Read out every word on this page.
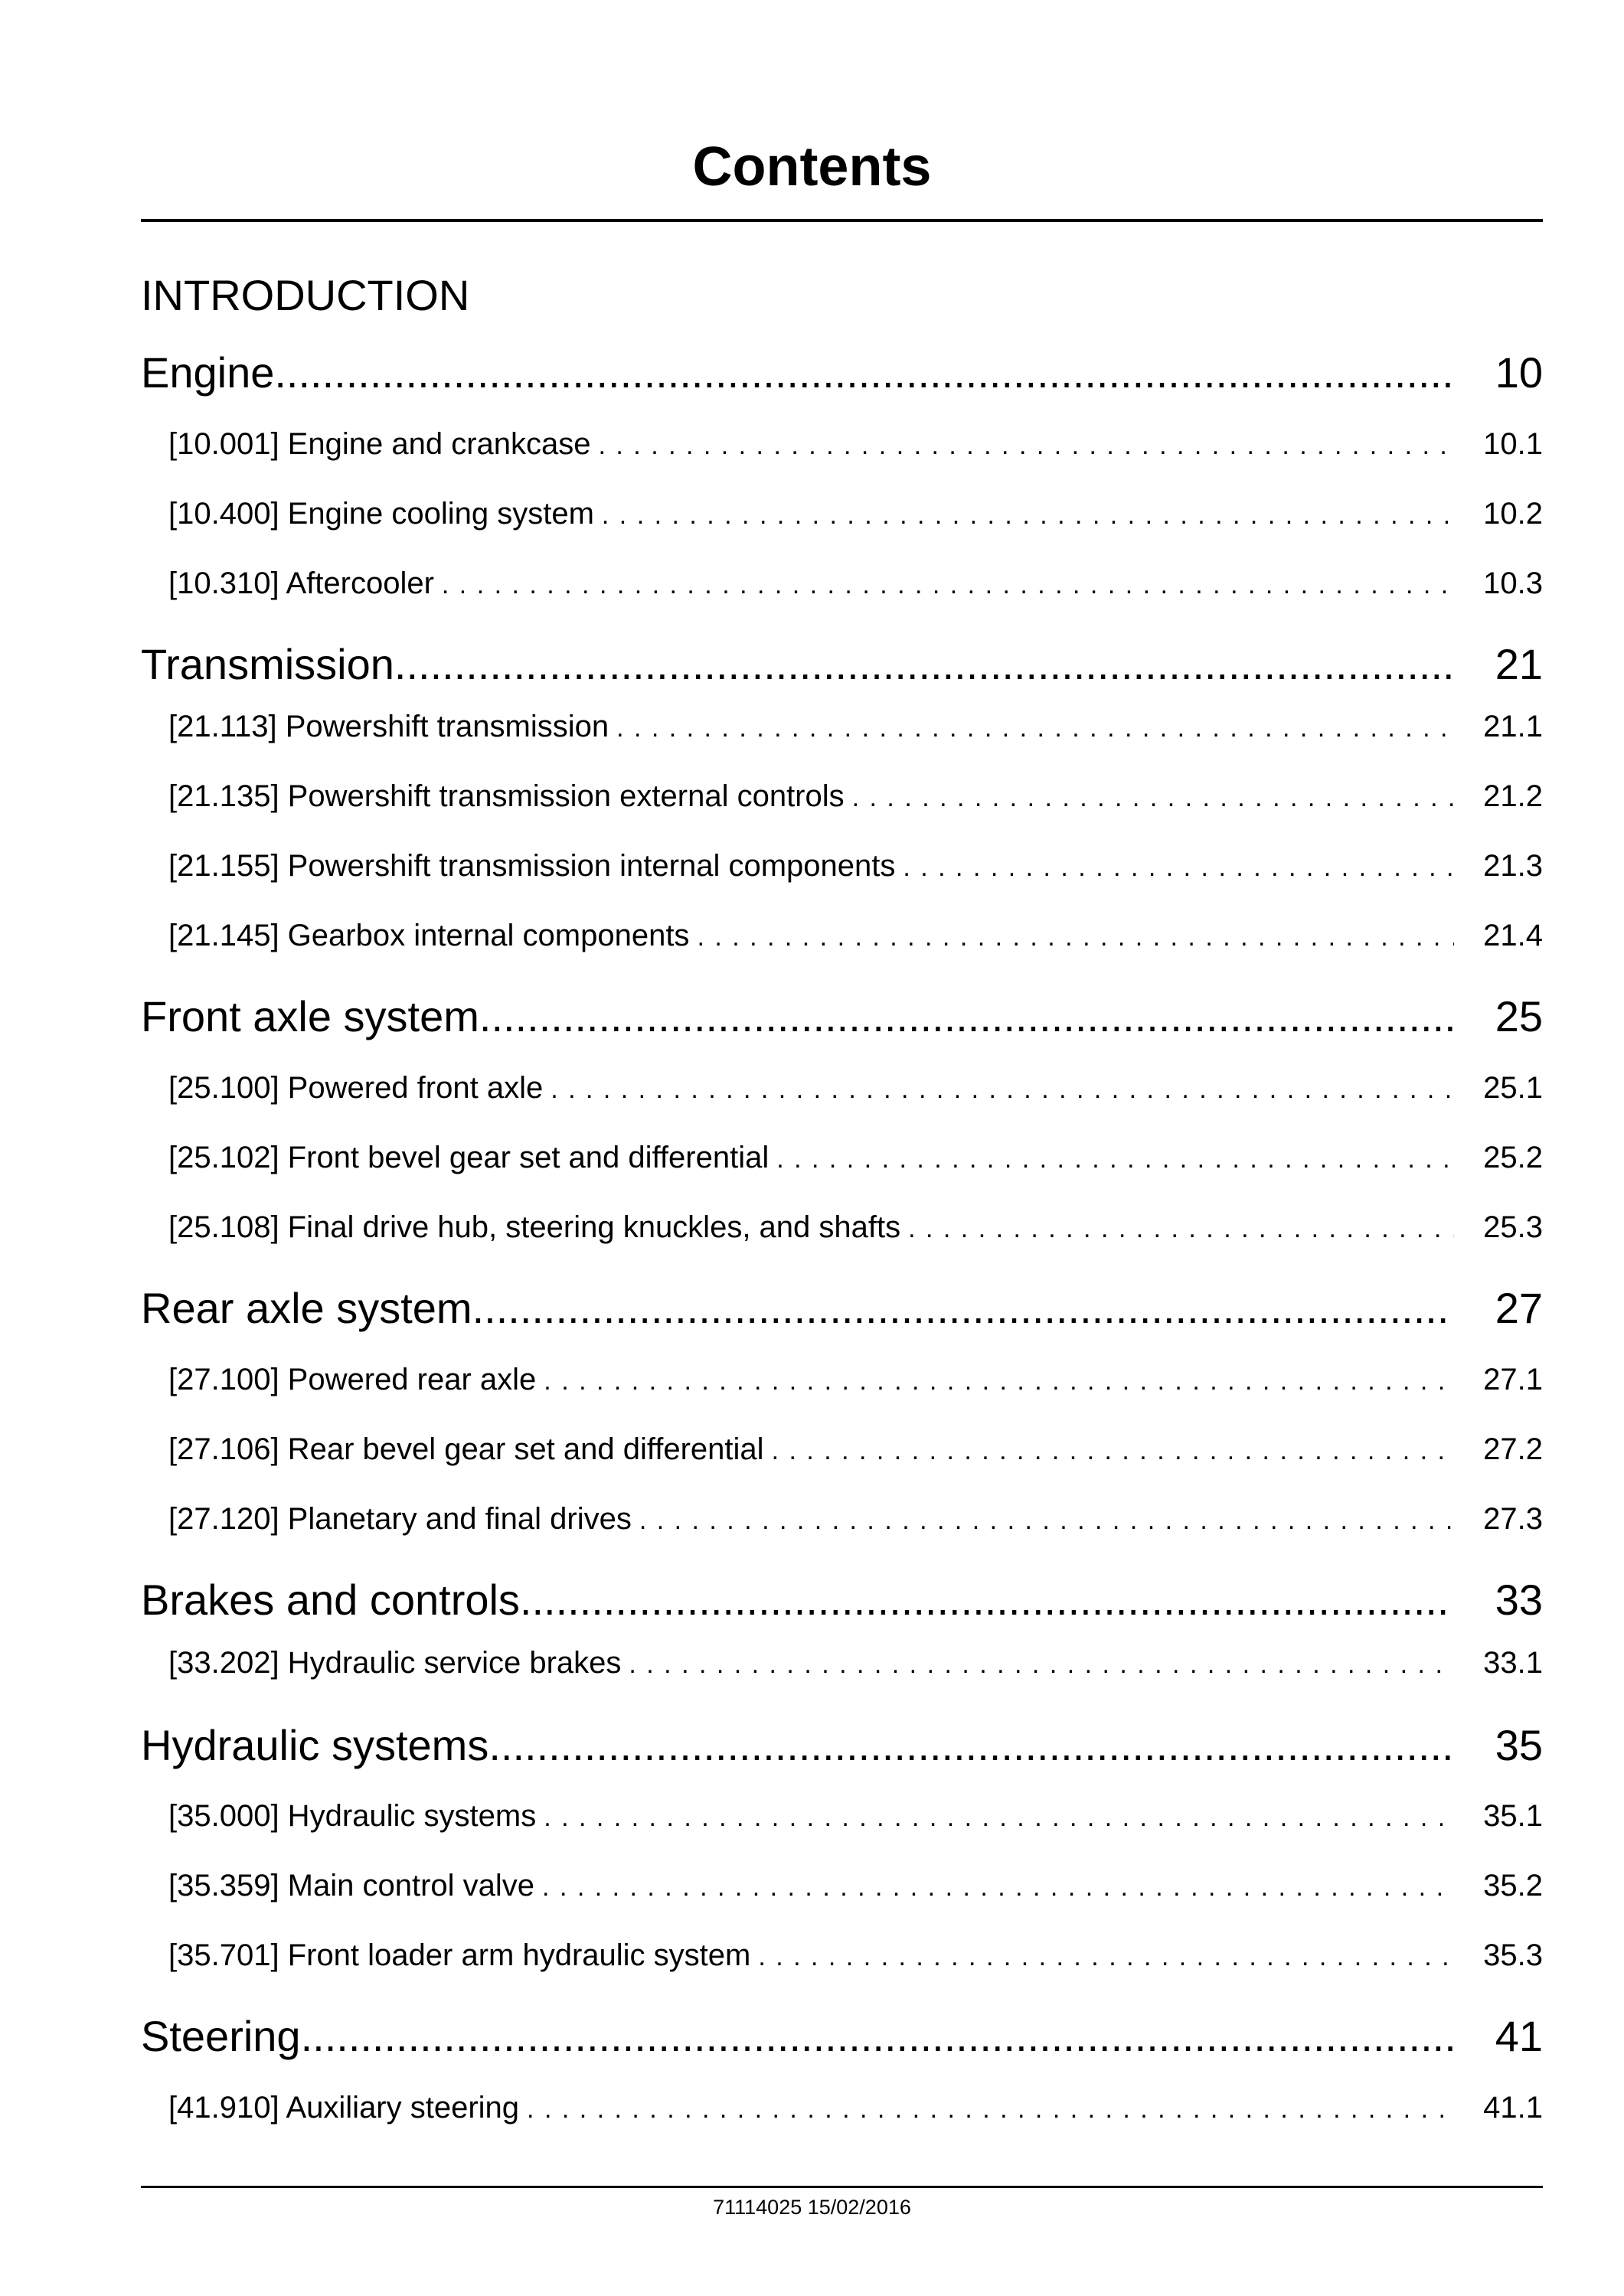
Contents
INTRODUCTION
Engine .....	10
[10.001] Engine and crankcase . . .	10.1
[10.400] Engine cooling system . . .	10.2
[10.310] Aftercooler . . .	10.3
Transmission .....	21
[21.113] Powershift transmission . . .	21.1
[21.135] Powershift transmission external controls . . .	21.2
[21.155] Powershift transmission internal components . . .	21.3
[21.145] Gearbox internal components . . .	21.4
Front axle system .....	25
[25.100] Powered front axle . . .	25.1
[25.102] Front bevel gear set and differential . . .	25.2
[25.108] Final drive hub, steering knuckles, and shafts . . .	25.3
Rear axle system .....	27
[27.100] Powered rear axle . . .	27.1
[27.106] Rear bevel gear set and differential . . .	27.2
[27.120] Planetary and final drives . . .	27.3
Brakes and controls .....	33
[33.202] Hydraulic service brakes . . .	33.1
Hydraulic systems .....	35
[35.000] Hydraulic systems . . .	35.1
[35.359] Main control valve . . .	35.2
[35.701] Front loader arm hydraulic system . . .	35.3
Steering .....	41
[41.910] Auxiliary steering . . .	41.1
71114025 15/02/2016
